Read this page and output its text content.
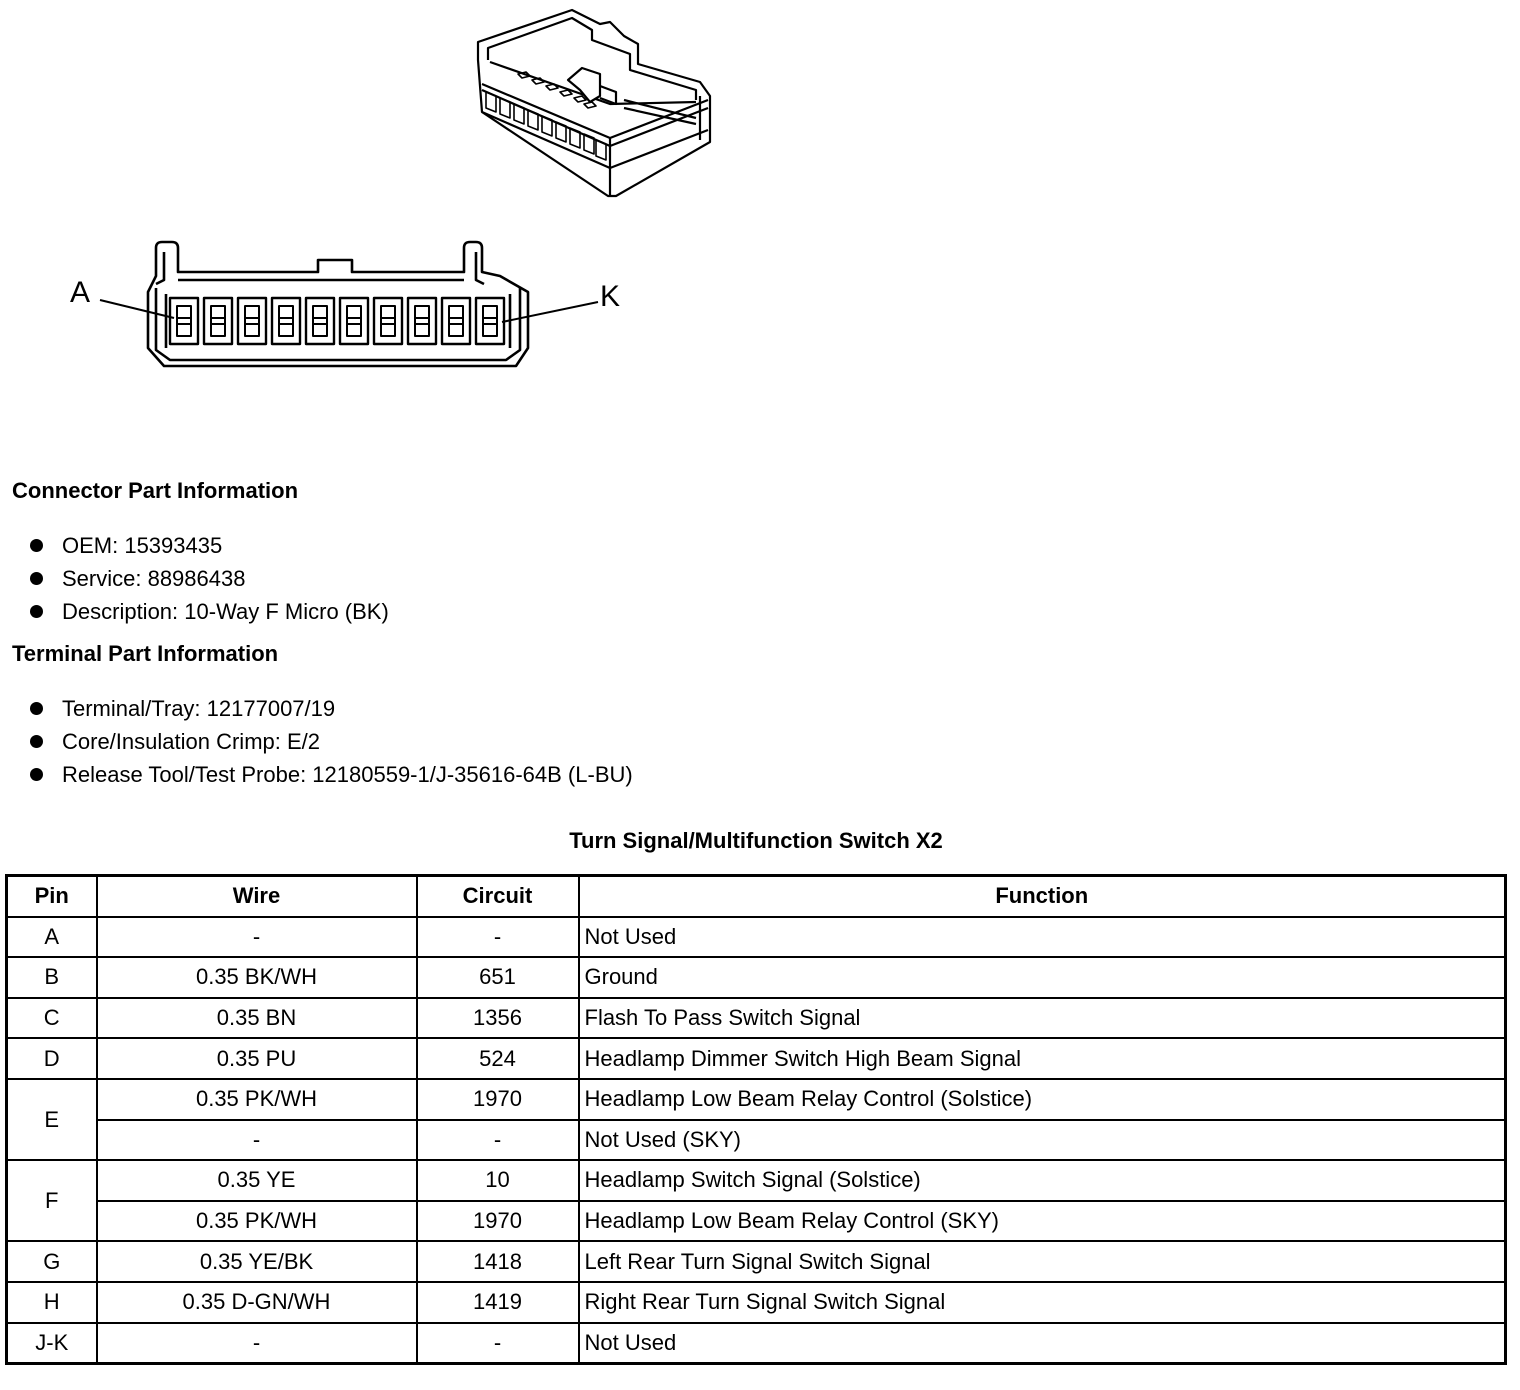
A	K
Connector Part Information
OEM: 15393435
Service: 88986438
Description: 10-Way F Micro (BK)
Terminal Part Information
Terminal/Tray: 12177007/19
Core/Insulation Crimp: E/2
Release Tool/Test Probe: 12180559-1/J-35616-64B (L-BU)
Turn Signal/Multifunction Switch X2
Pin	Wire	Circuit	Function
A	-	-	Not Used
B	0.35 BK/WH	651	Ground
C	0.35 BN	1356	Flash To Pass Switch Signal
D	0.35 PU	524	Headlamp Dimmer Switch High Beam Signal
E	0.35 PK/WH	1970	Headlamp Low Beam Relay Control (Solstice)
	-	-	Not Used (SKY)
F	0.35 YE	10	Headlamp Switch Signal (Solstice)
	0.35 PK/WH	1970	Headlamp Low Beam Relay Control (SKY)
G	0.35 YE/BK	1418	Left Rear Turn Signal Switch Signal
H	0.35 D-GN/WH	1419	Right Rear Turn Signal Switch Signal
J-K	-	-	Not Used
